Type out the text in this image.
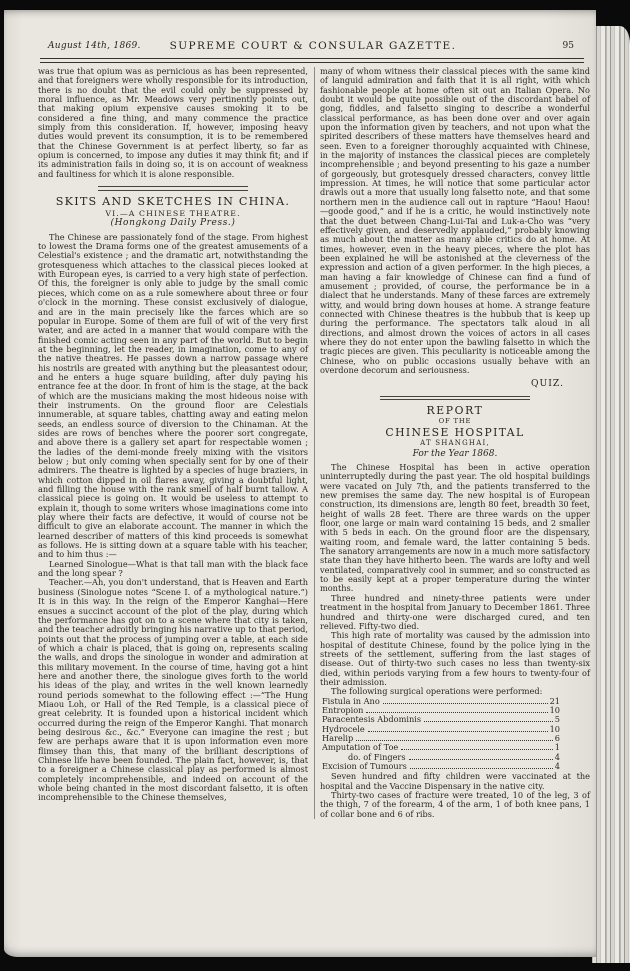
August 14th, 1869.	SUPREME COURT & CONSULAR GAZETTE.	95

was true that opium was as pernicious as has been represented, and that foreigners were wholly responsible for its introduction, there is no doubt that the evil could only be suppressed by moral influence, as Mr. Meadows very pertinently points out, that making opium expensive causes smoking it to be considered a fine thing, and many commence the practice simply from this consideration. If, however, imposing heavy duties would prevent its consumption, it is to be remembered that the Chinese Government is at perfect liberty, so far as opium is concerned, to impose any duties it may think fit; and if its administration fails in doing so, it is on account of weakness and faultiness for which it is alone responsible.

SKITS AND SKETCHES IN CHINA.
VI.—A CHINESE THEATRE.
(Hongkong Daily Press.)

The Chinese are passionately fond of the stage. From highest to lowest the Drama forms one of the greatest amusements of a Celestial's existence ; and the dramatic art, notwithstanding the grotesqueness which attaches to the classical pieces looked at with European eyes, is carried to a very high state of perfection. Of this, the foreigner is only able to judge by the small comic pieces, which come on as a rule somewhere about three or four o'clock in the morning. These consist exclusively of dialogue, and are in the main precisely like the farces which are so popular in Europe. Some of them are full of wit of the very first water, and are acted in a manner that would compare with the finished comic acting seen in any part of the world. But to begin at the beginning, let the reader, in imagination, come to any of the native theatres. He passes down a narrow passage where his nostrils are greated with anything but the pleasantest odour, and he enters a huge square building, after duly paying his entrance fee at the door. In front of him is the stage, at the back of which are the musicians making the most hideous noise with their instruments. On the ground floor are Celestials innumerable, at square tables, chatting away and eating melon seeds, an endless source of diversion to the Chinaman. At the sides are rows of benches where the poorer sort congregate, and above there is a gallery set apart for respectable women ; the ladies of the demi-monde freely mixing with the visitors below ; but only coming when specially sent for by one of their admirers. The theatre is lighted by a species of huge braziers, in which cotton dipped in oil flares away, giving a doubtful light, and filling the house with the rank smell of half burnt tallow. A classical piece is going on. It would be useless to attempt to explain it, though to some writers whose imaginations come into play where their facts are defective, it would of course not be difficult to give an elaborate account. The manner in which the learned describer of matters of this kind proceeds is somewhat as follows. He is sitting down at a square table with his teacher, and to him thus :—

Learned Sinologue—What is that tall man with the black face and the long spear ?

Teacher.—Ah, you don't understand, that is Heaven and Earth business (Sinologue notes “Scene I. of a mythological nature.”) It is in this way. In the reign of the Emperor Kanghai—Here ensues a succinct account of the plot of the play, during which the performance has got on to a scene where that city is taken, and the teacher adroitly bringing his narrative up to that period, points out that the process of jumping over a table, at each side of which a chair is placed, that is going on, represents scaling the walls, and drops the sinologue in wonder and admiration at this military movement. In the course of time, having got a hint here and another there, the sinologue gives forth to the world his ideas of the play, and writes in the well known learnedly round periods somewhat to the following effect :—“The Hung Miaou Loh, or Hall of the Red Temple, is a classical piece of great celebrity. It is founded upon a historical incident which occurred during the reign of the Emperor Kanghi. That monarch being desirous &c., &c.” Everyone can imagine the rest ; but few are perhaps aware that it is upon information even more flimsey than this, that many of the brilliant descriptions of Chinese life have been founded. The plain fact, however, is, that to a foreigner a Chinese classical play as performed is almost completely incomprehensible, and indeed on account of the whole being chanted in the most discordant falsetto, it is often incomprehensible to the Chinese themselves,

many of whom witness their classical pieces with the same kind of languid admiration and faith that it is all right, with which fashionable people at home often sit out an Italian Opera. No doubt it would be quite possible out of the discordant babel of gong, fiddles, and falsetto singing to describe a wonderful classical performance, as has been done over and over again upon the information given by teachers, and not upon what the spirited describers of these matters have themselves heard and seen. Even to a foreigner thoroughly acquainted with Chinese, in the majority of instances the classical pieces are completely incomprehensible ; and beyond presenting to his gaze a number of gorgeously, but grotesquely dressed characters, convey little impression. At times, he will notice that some particular actor drawls out a more that usually long falsetto note, and that some northern men in the audience call out in rapture “Haou! Haou!—goode good,” and if he is a critic, he would instinctively note that the duet between Chang-Lui-Tai and Luk-a-Cho was “very effectively given, and deservedly applauded,” probably knowing as much about the matter as many able critics do at home. At times, however, even in the heavy pieces, where the plot has been explained he will be astonished at the cleverness of the expression and action of a given performer. In the high pieces, a man having a fair knowledge of Chinese can find a fund of amusement ; provided, of course, the performance be in a dialect that he understands. Many of these farces are extremely witty, and would bring down houses at home. A strange feature connected with Chinese theatres is the hubbub that is keep up during the performance. The spectators talk aloud in all directions, and almost drown the voices of actors in all cases where they do not enter upon the bawling falsetto in which the tragic pieces are given. This peculiarity is noticeable among the Chinese, who on public occasions usually behave with an overdone decorum and seriousness.

QUIZ.
REPORT
OF THE
CHINESE HOSPITAL
AT SHANGHAI,
For the Year 1868.

The Chinese Hospital has been in active operation uninterruptedly during the past year. The old hospital buildings were vacated on July 7th, and the patients transferred to the new premises the same day. The new hospital is of European construction, its dimensions are, length 80 feet, breadth 30 feet, height of walls 28 feet. There are three wards on the upper floor, one large or main ward containing 15 beds, and 2 smaller with 5 beds in each. On the ground floor are the dispensary, waiting room, and female ward, the latter containing 5 beds. The sanatory arrangements are now in a much more satisfactory state than they have hitherto been. The wards are lofty and well ventilated, comparatively cool in summer, and so constructed as to be easily kept at a proper temperature during the winter months.

Three hundred and ninety-three patients were under treatment in the hospital from January to December 1861. Three hundred and thirty-one were discharged cured, and ten relieved. Fifty-two died.

This high rate of mortality was caused by the admission into hospital of destitute Chinese, found by the police lying in the streets of the settlement, suffering from the last stages of disease. Out of thirty-two such cases no less than twenty-six died, within periods varying from a few hours to twenty-four of their admission.

The following surgical operations were performed:

Fistula in Ano	21
Entropion	10
Paracentesis Abdominis	5
Hydrocele	10
Harelip	6
Amputation of Toe	1
do. of Fingers	4
Excision of Tumours	4

Seven hundred and fifty children were vaccinated at the hospital and the Vaccine Dispensary in the native city.

Thirty-two cases of fracture were treated, 10 of the leg, 3 of the thigh, 7 of the forearm, 4 of the arm, 1 of both knee pans, 1 of collar bone and 6 of ribs.
